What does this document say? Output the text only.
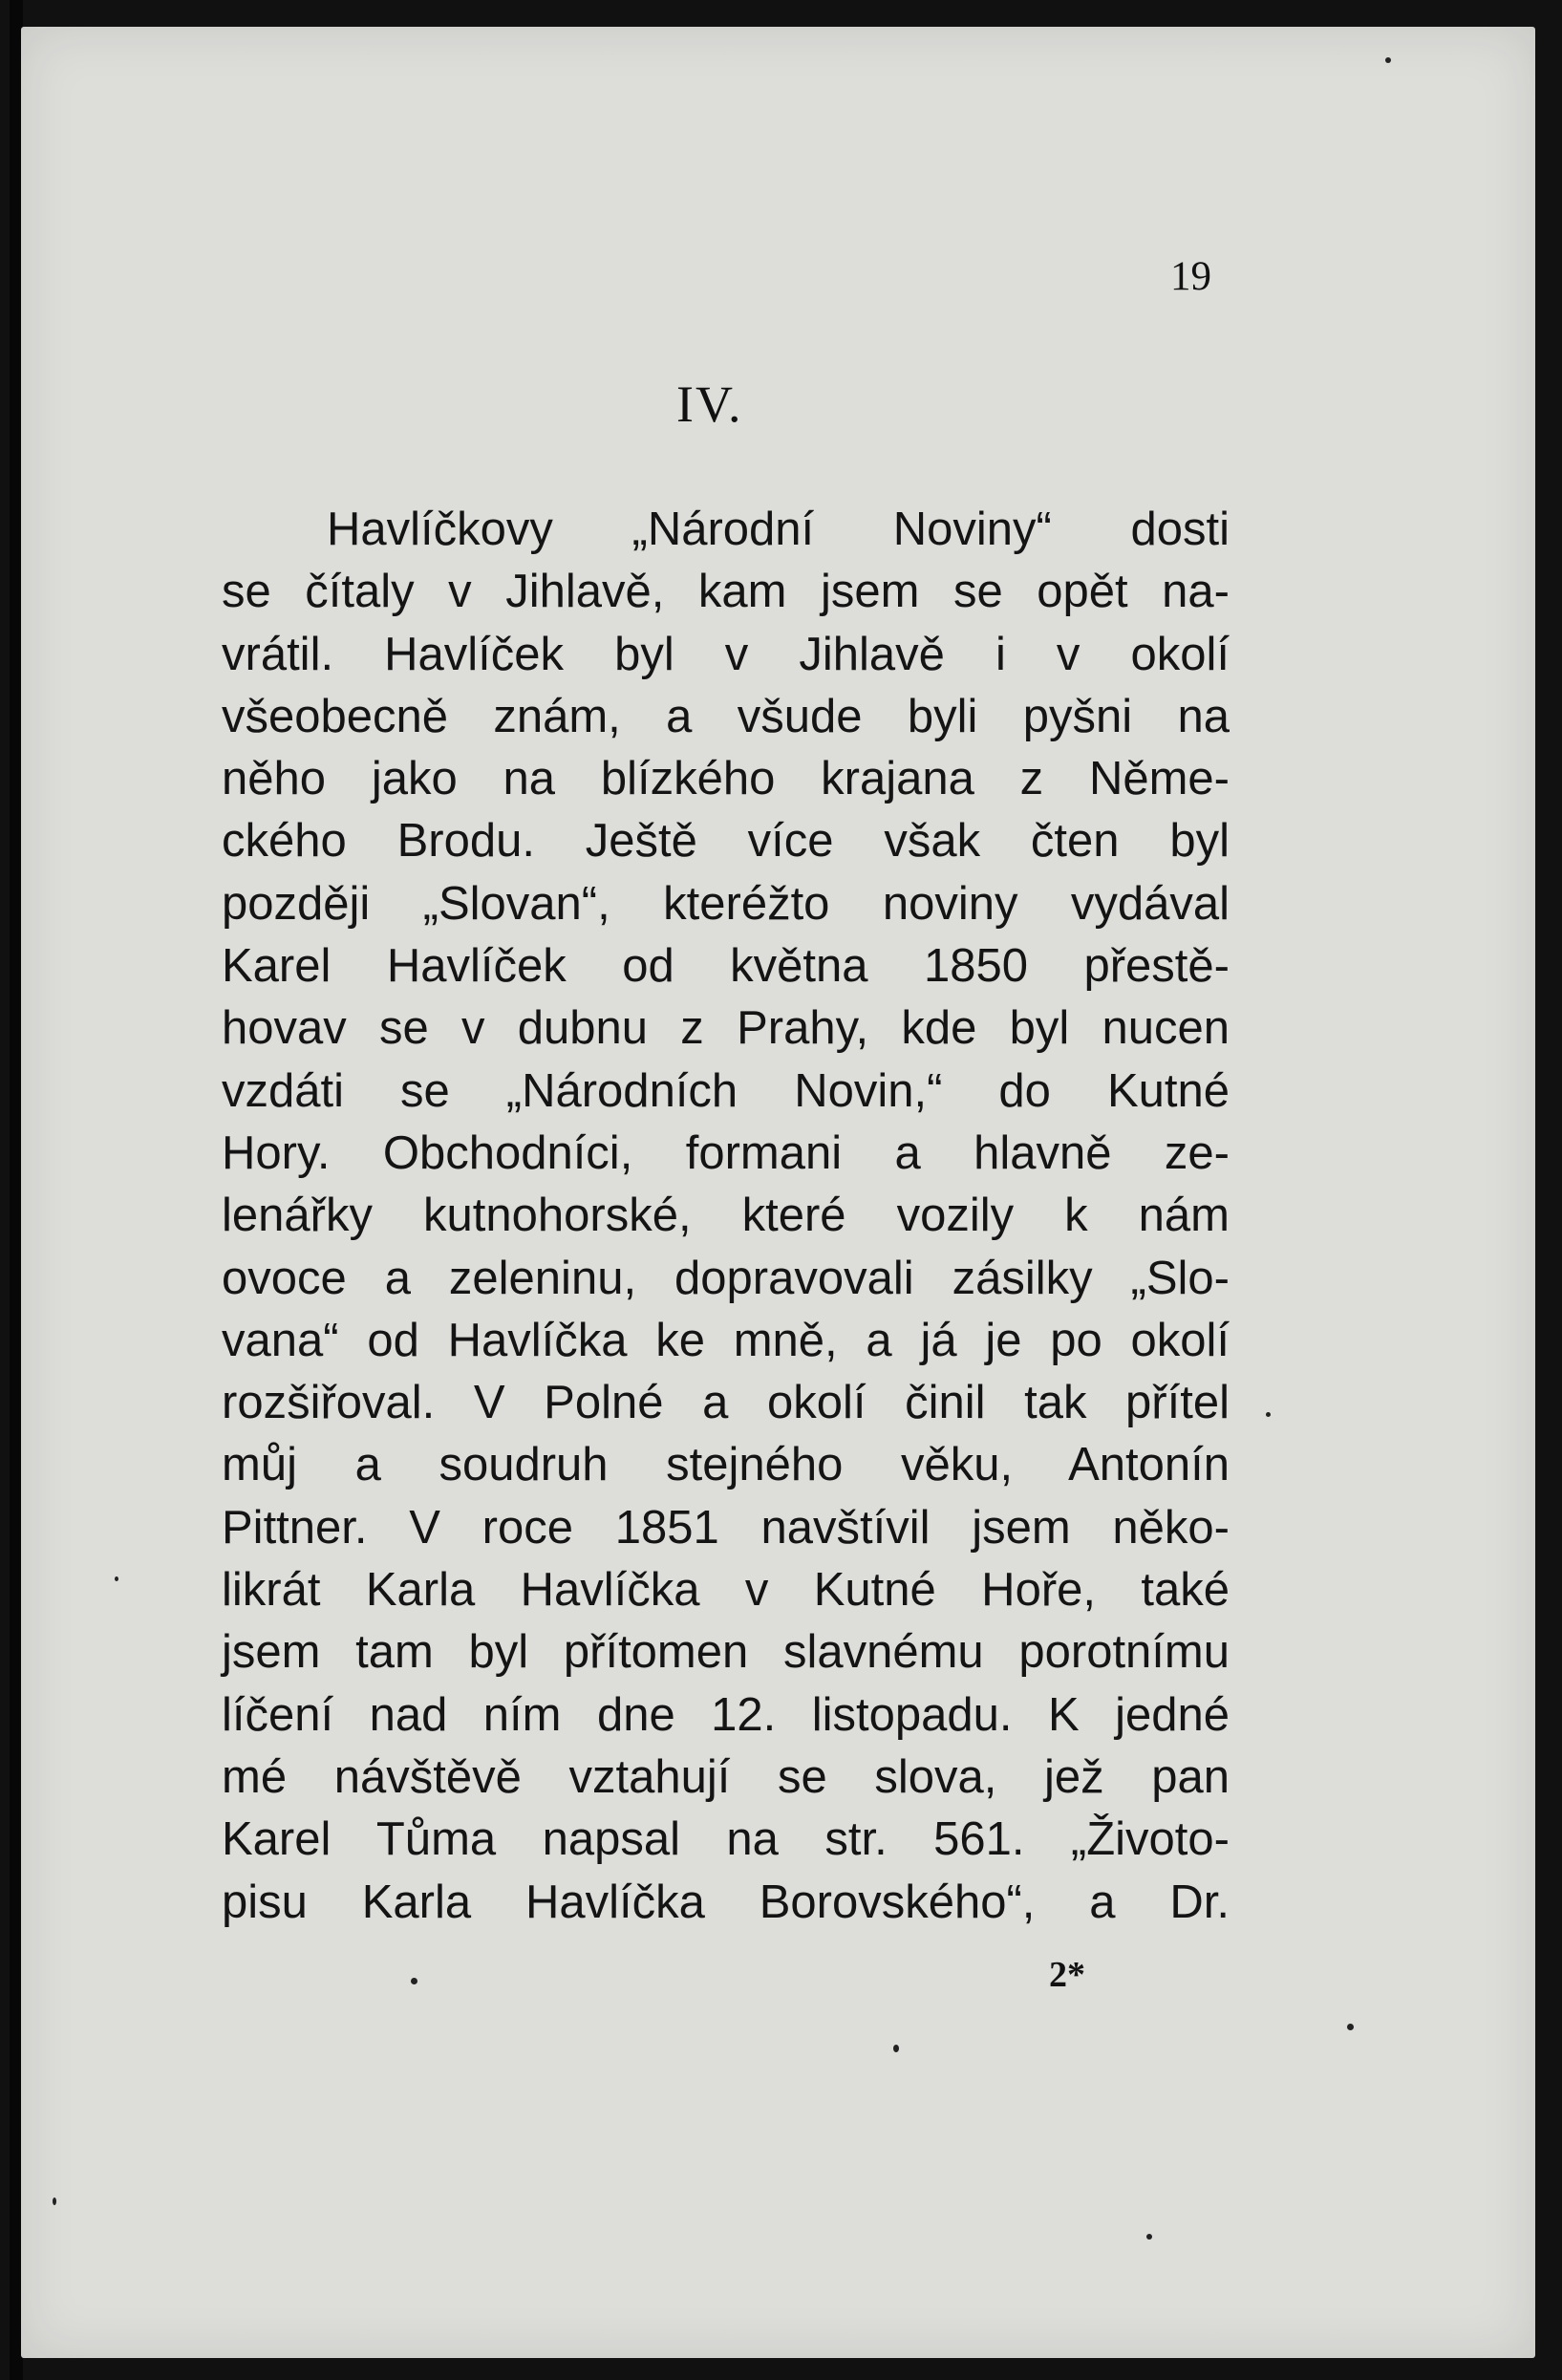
19
IV.
Havlíčkovy „Národní Noviny“ dosti
se čítaly v Jihlavě, kam jsem se opět na-
vrátil. Havlíček byl v Jihlavě i v okolí
všeobecně znám, a všude byli pyšni na
něho jako na blízkého krajana z Něme-
ckého Brodu. Ještě více však čten byl
později „Slovan“, kteréžto noviny vydával
Karel Havlíček od května 1850 přestě-
hovav se v dubnu z Prahy, kde byl nucen
vzdáti se „Národních Novin,“ do Kutné
Hory. Obchodníci, formani a hlavně ze-
lenářky kutnohorské, které vozily k nám
ovoce a zeleninu, dopravovali zásilky „Slo-
vana“ od Havlíčka ke mně, a já je po okolí
rozšiřoval. V Polné a okolí činil tak přítel
můj a soudruh stejného věku, Antonín
Pittner. V roce 1851 navštívil jsem něko-
likrát Karla Havlíčka v Kutné Hoře, také
jsem tam byl přítomen slavnému porotnímu
líčení nad ním dne 12. listopadu. K jedné
mé návštěvě vztahují se slova, jež pan
Karel Tůma napsal na str. 561. „Životo-
pisu Karla Havlíčka Borovského“, a Dr.
2*
